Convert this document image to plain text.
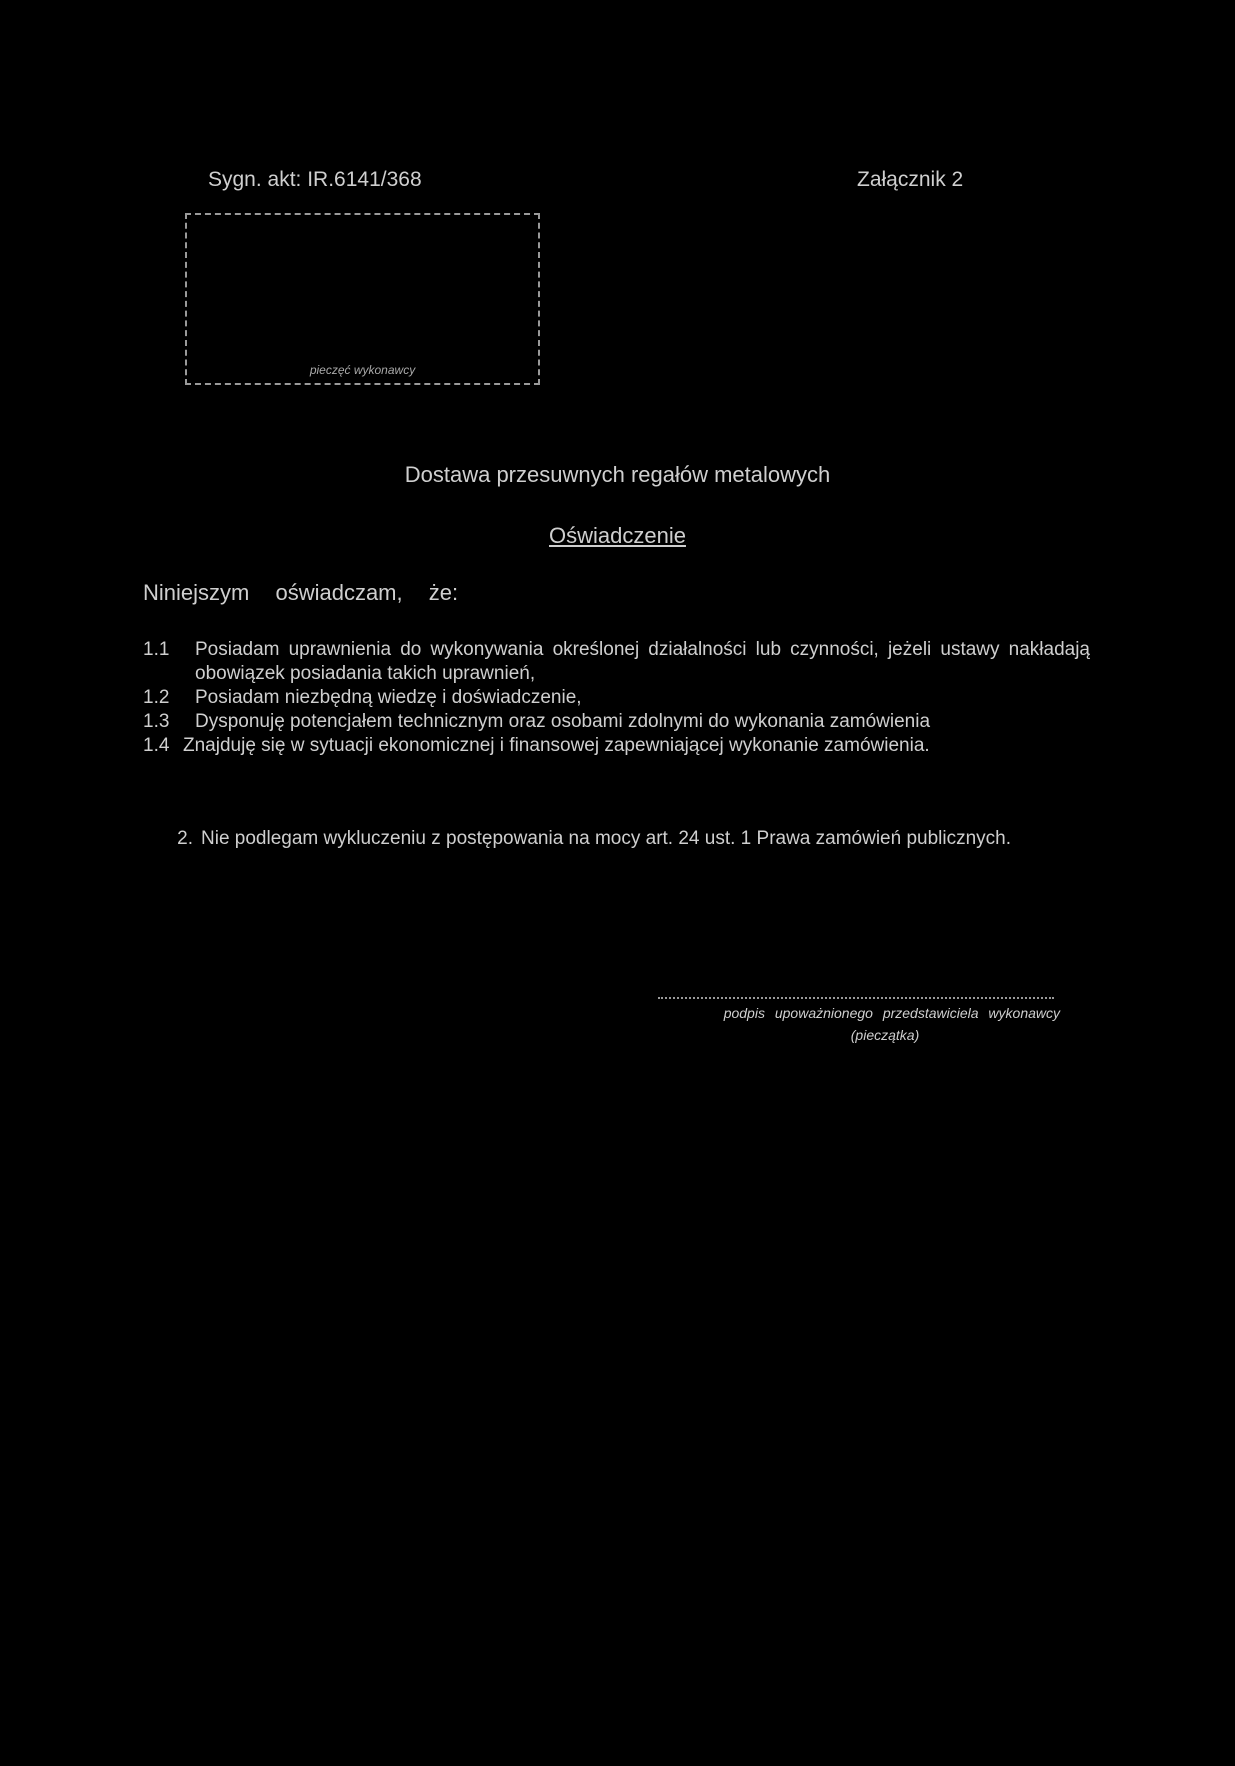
Sygn. akt: IR.6141/368	Załącznik 2
pieczęć wykonawcy
Dostawa przesuwnych regałów metalowych
Oświadczenie
Niniejszym oświadczam, że:
1.1	Posiadam uprawnienia do wykonywania określonej działalności lub czynności, jeżeli ustawy nakładają obowiązek posiadania takich uprawnień,
1.2	Posiadam niezbędną wiedzę i doświadczenie,
1.3	Dysponuję potencjałem technicznym oraz osobami zdolnymi do wykonania zamówienia
1.4 Znajduję się w sytuacji ekonomicznej i finansowej zapewniającej wykonanie zamówienia.
2. Nie podlegam wykluczeniu z postępowania na mocy art. 24 ust. 1 Prawa zamówień publicznych.
podpis upoważnionego przedstawiciela wykonawcy
(pieczątka)
